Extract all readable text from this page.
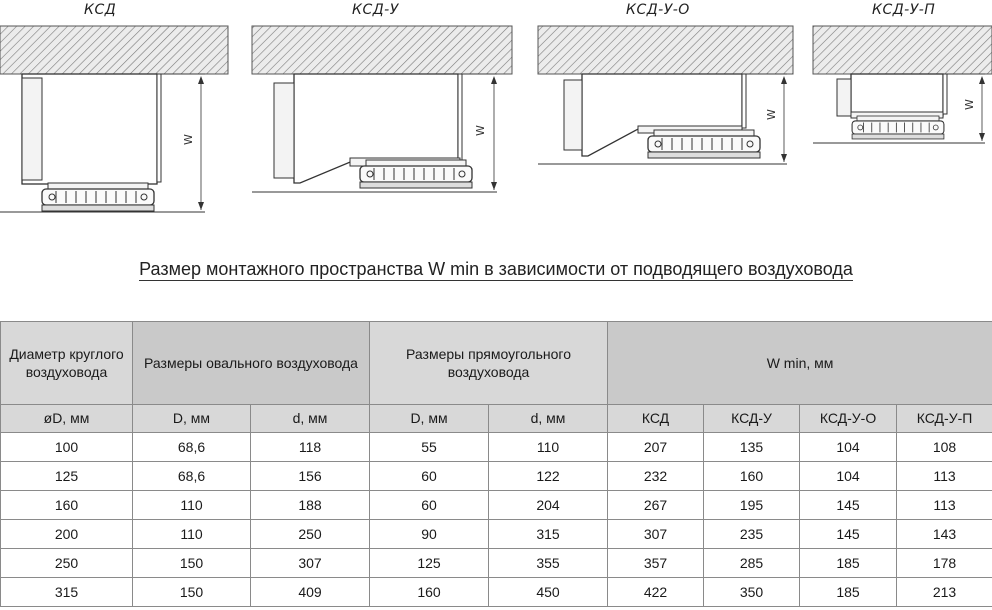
W
W
W
W
КСД	КСД-У	КСД-У-О	КСД-У-П
Размер монтажного пространства W min в зависимости от подводящего воздуховода
Диаметр круглого воздуховода	Размеры овального воздуховода		Размеры прямоугольного воздуховода		W min, мм			
øD, мм	D, мм	d, мм	D, мм	d, мм	КСД	КСД-У	КСД-У-О	КСД-У-П
100	68,6	118	55	110	207	135	104	108
125	68,6	156	60	122	232	160	104	113
160	110	188	60	204	267	195	145	113
200	110	250	90	315	307	235	145	143
250	150	307	125	355	357	285	185	178
315	150	409	160	450	422	350	185	213
